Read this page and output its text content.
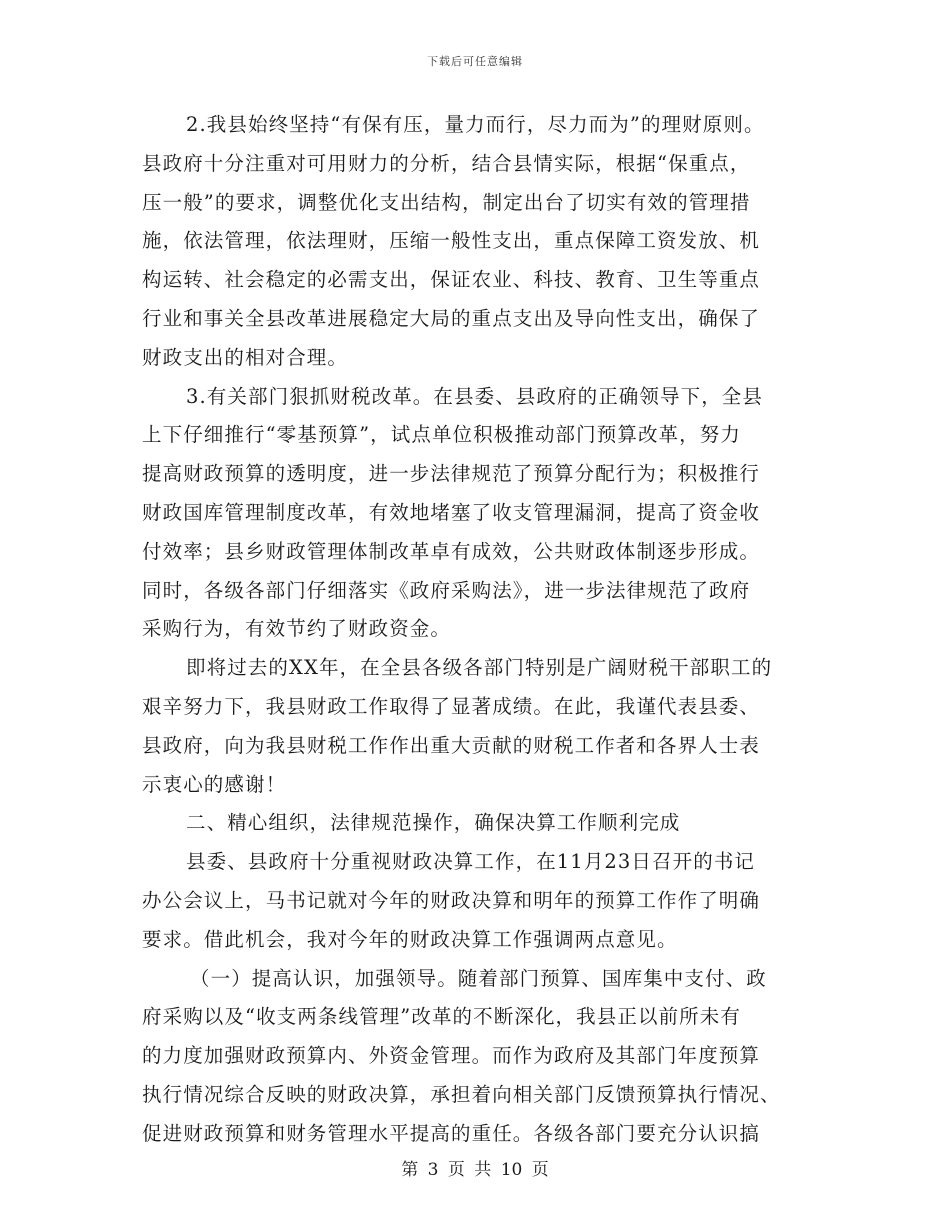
下载后可任意编辑
2.我县始终坚持“有保有压，量力而行，尽力而为”的理财原则。
县政府十分注重对可用财力的分析，结合县情实际，根据“保重点，
压一般”的要求，调整优化支出结构，制定出台了切实有效的管理措
施，依法管理，依法理财，压缩一般性支出，重点保障工资发放、机
构运转、社会稳定的必需支出，保证农业、科技、教育、卫生等重点
行业和事关全县改革进展稳定大局的重点支出及导向性支出，确保了
财政支出的相对合理。
3.有关部门狠抓财税改革。在县委、县政府的正确领导下，全县
上下仔细推行“零基预算”，试点单位积极推动部门预算改革，努力
提高财政预算的透明度，进一步法律规范了预算分配行为；积极推行
财政国库管理制度改革，有效地堵塞了收支管理漏洞，提高了资金收
付效率；县乡财政管理体制改革卓有成效，公共财政体制逐步形成。
同时，各级各部门仔细落实《政府采购法》，进一步法律规范了政府
采购行为，有效节约了财政资金。
即将过去的XX年，在全县各级各部门特别是广阔财税干部职工的
艰辛努力下，我县财政工作取得了显著成绩。在此，我谨代表县委、
县政府，向为我县财税工作作出重大贡献的财税工作者和各界人士表
示衷心的感谢！
二、精心组织，法律规范操作，确保决算工作顺利完成
县委、县政府十分重视财政决算工作，在11月23日召开的书记
办公会议上，马书记就对今年的财政决算和明年的预算工作作了明确
要求。借此机会，我对今年的财政决算工作强调两点意见。
（一）提高认识，加强领导。随着部门预算、国库集中支付、政
府采购以及“收支两条线管理”改革的不断深化，我县正以前所未有
的力度加强财政预算内、外资金管理。而作为政府及其部门年度预算
执行情况综合反映的财政决算，承担着向相关部门反馈预算执行情况、
促进财政预算和财务管理水平提高的重任。各级各部门要充分认识搞
第 3 页 共 10 页
